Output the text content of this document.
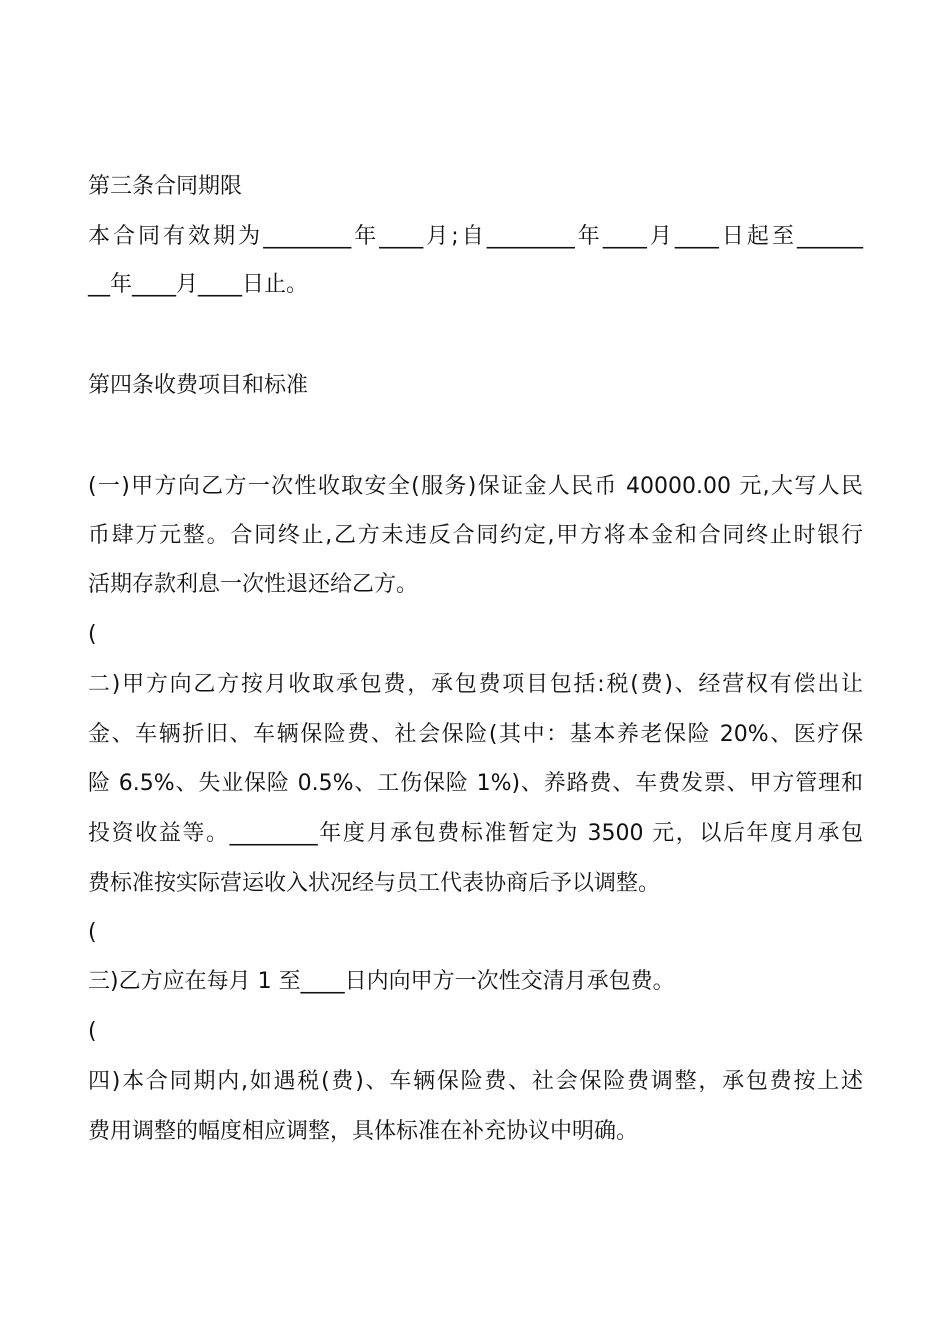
第三条合同期限
本合同有效期为________年____月;自________年____月____日起至______
__年____月____日止。
第四条收费项目和标准
(一)甲方向乙方一次性收取安全(服务)保证金人民币 40000.00 元,大写人民
币肆万元整。合同终止,乙方未违反合同约定,甲方将本金和合同终止时银行
活期存款利息一次性退还给乙方。
(
二)甲方向乙方按月收取承包费，承包费项目包括:税(费)、经营权有偿出让
金、车辆折旧、车辆保险费、社会保险(其中：基本养老保险 20%、医疗保
险 6.5%、失业保险 0.5%、工伤保险 1%)、养路费、车费发票、甲方管理和
投资收益等。________年度月承包费标准暂定为 3500 元，以后年度月承包
费标准按实际营运收入状况经与员工代表协商后予以调整。
(
三)乙方应在每月 1 至____日内向甲方一次性交清月承包费。
(
四)本合同期内,如遇税(费)、车辆保险费、社会保险费调整，承包费按上述
费用调整的幅度相应调整，具体标准在补充协议中明确。
